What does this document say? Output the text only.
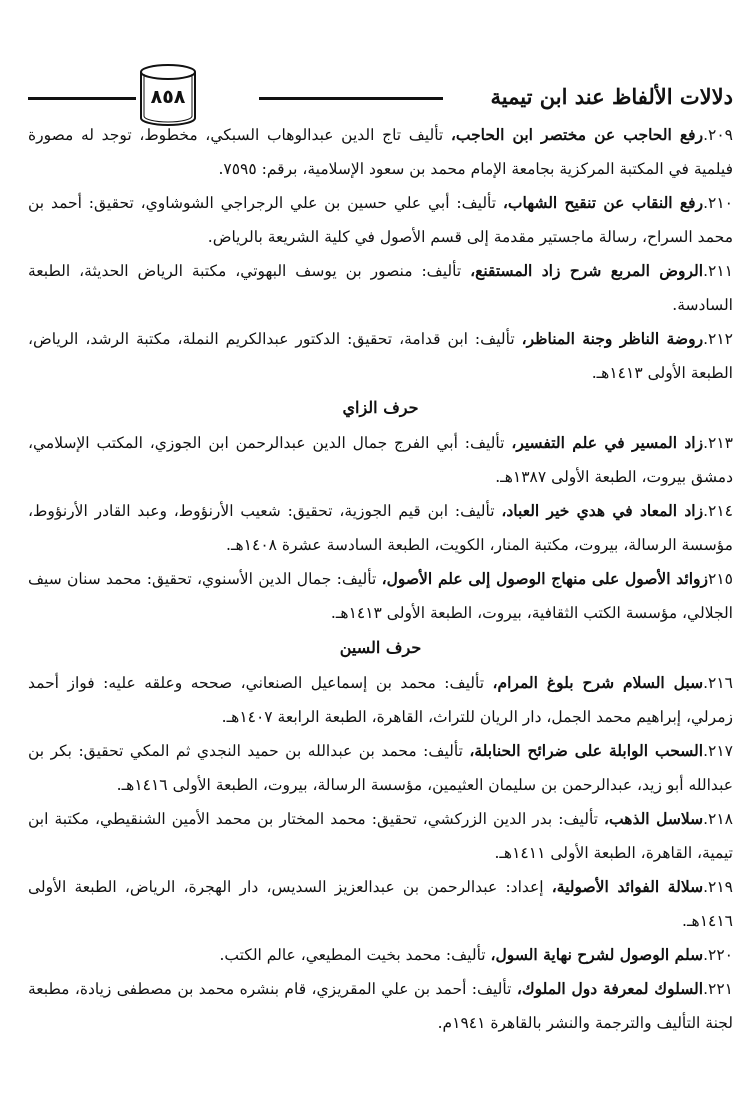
دلالات الألفاظ عند ابن تيمية
٨٥٨

٢٠٩.رفع الحاجب عن مختصر ابن الحاجب، تأليف تاج الدين عبدالوهاب السبكي، مخطوط، توجد له مصورة فيلمية في المكتبة المركزية بجامعة الإمام محمد بن سعود الإسلامية، برقم: ٧٥٩٥.

٢١٠.رفع النقاب عن تنقيح الشهاب، تأليف: أبي علي حسين بن علي الرجراجي الشوشاوي، تحقيق: أحمد بن محمد السراح، رسالة ماجستير مقدمة إلى قسم الأصول في كلية الشريعة بالرياض.

٢١١.الروض المربع شرح زاد المستقنع، تأليف: منصور بن يوسف البهوتي، مكتبة الرياض الحديثة، الطبعة السادسة.

٢١٢.روضة الناظر وجنة المناظر، تأليف: ابن قدامة، تحقيق: الدكتور عبدالكريم النملة، مكتبة الرشد، الرياض، الطبعة الأولى ١٤١٣هـ.

حرف الزاي

٢١٣.زاد المسير في علم التفسير، تأليف: أبي الفرج جمال الدين عبدالرحمن ابن الجوزي، المكتب الإسلامي، دمشق بيروت، الطبعة الأولى ١٣٨٧هـ.

٢١٤.زاد المعاد في هدي خير العباد، تأليف: ابن قيم الجوزية، تحقيق: شعيب الأرنؤوط، وعبد القادر الأرنؤوط، مؤسسة الرسالة، بيروت، مكتبة المنار، الكويت، الطبعة السادسة عشرة ١٤٠٨هـ.

٢١٥زوائد الأصول على منهاج الوصول إلى علم الأصول، تأليف: جمال الدين الأسنوي، تحقيق: محمد سنان سيف الجلالي، مؤسسة الكتب الثقافية، بيروت، الطبعة الأولى ١٤١٣هـ.

حرف السين

٢١٦.سبل السلام شرح بلوغ المرام، تأليف: محمد بن إسماعيل الصنعاني، صححه وعلقه عليه: فواز أحمد زمرلي، إبراهيم محمد الجمل، دار الريان للتراث، القاهرة، الطبعة الرابعة ١٤٠٧هـ.

٢١٧.السحب الوابلة على ضرائح الحنابلة، تأليف: محمد بن عبدالله بن حميد النجدي ثم المكي تحقيق: بكر بن عبدالله أبو زيد، عبدالرحمن بن سليمان العثيمين، مؤسسة الرسالة، بيروت، الطبعة الأولى ١٤١٦هـ.

٢١٨.سلاسل الذهب، تأليف: بدر الدين الزركشي، تحقيق: محمد المختار بن محمد الأمين الشنقيطي، مكتبة ابن تيمية، القاهرة، الطبعة الأولى ١٤١١هـ.

٢١٩.سلالة الفوائد الأصولية، إعداد: عبدالرحمن بن عبدالعزيز السديس، دار الهجرة، الرياض، الطبعة الأولى ١٤١٦هـ.

٢٢٠.سلم الوصول لشرح نهاية السول، تأليف: محمد بخيت المطيعي، عالم الكتب.

٢٢١.السلوك لمعرفة دول الملوك، تأليف: أحمد بن علي المقريزي، قام بنشره محمد بن مصطفى زيادة، مطبعة لجنة التأليف والترجمة والنشر بالقاهرة ١٩٤١م.
